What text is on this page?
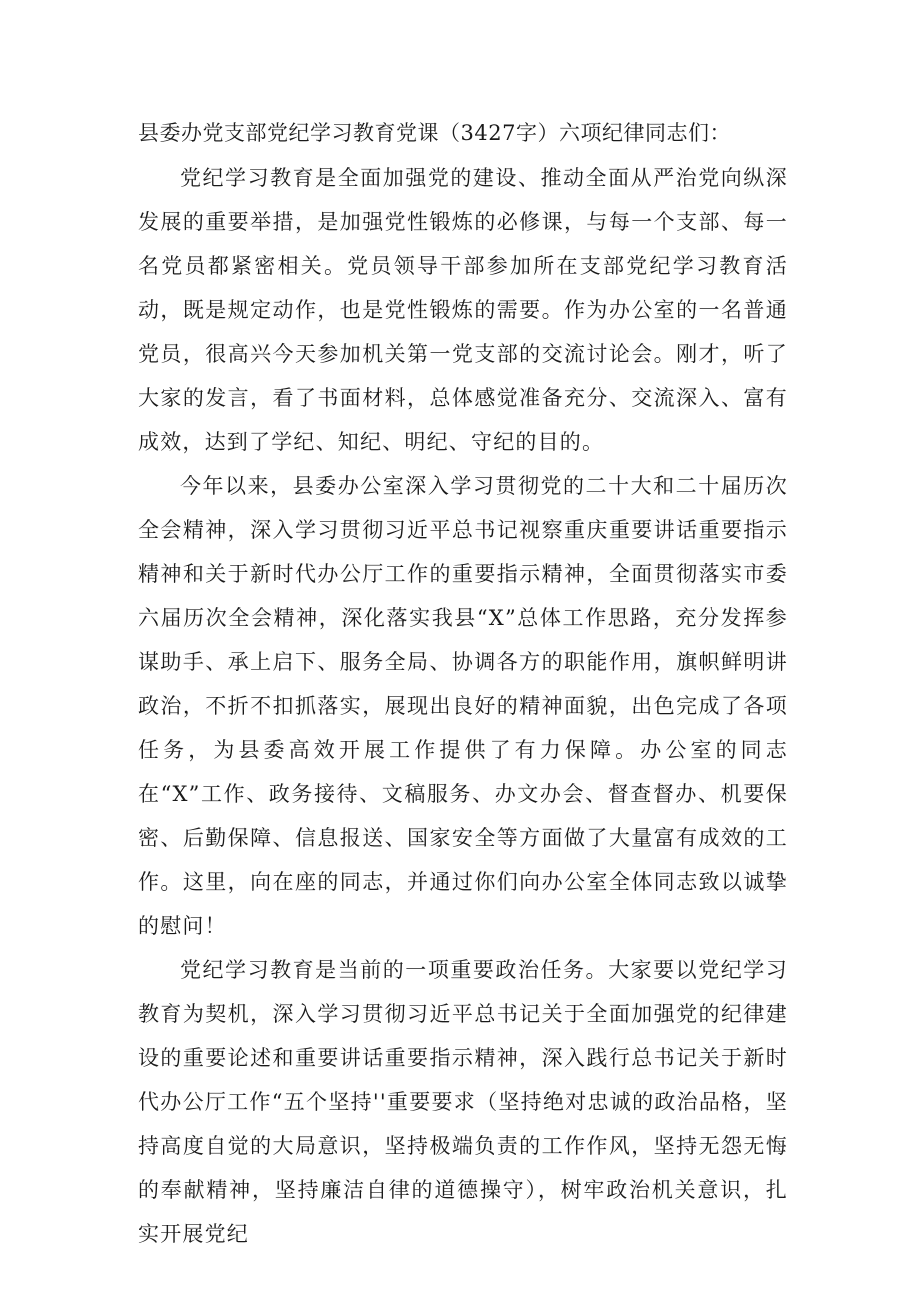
县委办党支部党纪学习教育党课（3427字）六项纪律同志们：

党纪学习教育是全面加强党的建设、推动全面从严治党向纵深发展的重要举措，是加强党性锻炼的必修课，与每一个支部、每一名党员都紧密相关。党员领导干部参加所在支部党纪学习教育活动，既是规定动作，也是党性锻炼的需要。作为办公室的一名普通党员，很高兴今天参加机关第一党支部的交流讨论会。刚才，听了大家的发言，看了书面材料，总体感觉准备充分、交流深入、富有成效，达到了学纪、知纪、明纪、守纪的目的。

今年以来，县委办公室深入学习贯彻党的二十大和二十届历次全会精神，深入学习贯彻习近平总书记视察重庆重要讲话重要指示精神和关于新时代办公厅工作的重要指示精神，全面贯彻落实市委六届历次全会精神，深化落实我县“X”总体工作思路，充分发挥参谋助手、承上启下、服务全局、协调各方的职能作用，旗帜鲜明讲政治，不折不扣抓落实，展现出良好的精神面貌，出色完成了各项任务，为县委高效开展工作提供了有力保障。办公室的同志在“X”工作、政务接待、文稿服务、办文办会、督查督办、机要保密、后勤保障、信息报送、国家安全等方面做了大量富有成效的工作。这里，向在座的同志，并通过你们向办公室全体同志致以诚挚的慰问！

党纪学习教育是当前的一项重要政治任务。大家要以党纪学习教育为契机，深入学习贯彻习近平总书记关于全面加强党的纪律建设的重要论述和重要讲话重要指示精神，深入践行总书记关于新时代办公厅工作“五个坚持''重要要求（坚持绝对忠诚的政治品格，坚持高度自觉的大局意识，坚持极端负责的工作作风，坚持无怨无悔的奉献精神，坚持廉洁自律的道德操守），树牢政治机关意识，扎实开展党纪
